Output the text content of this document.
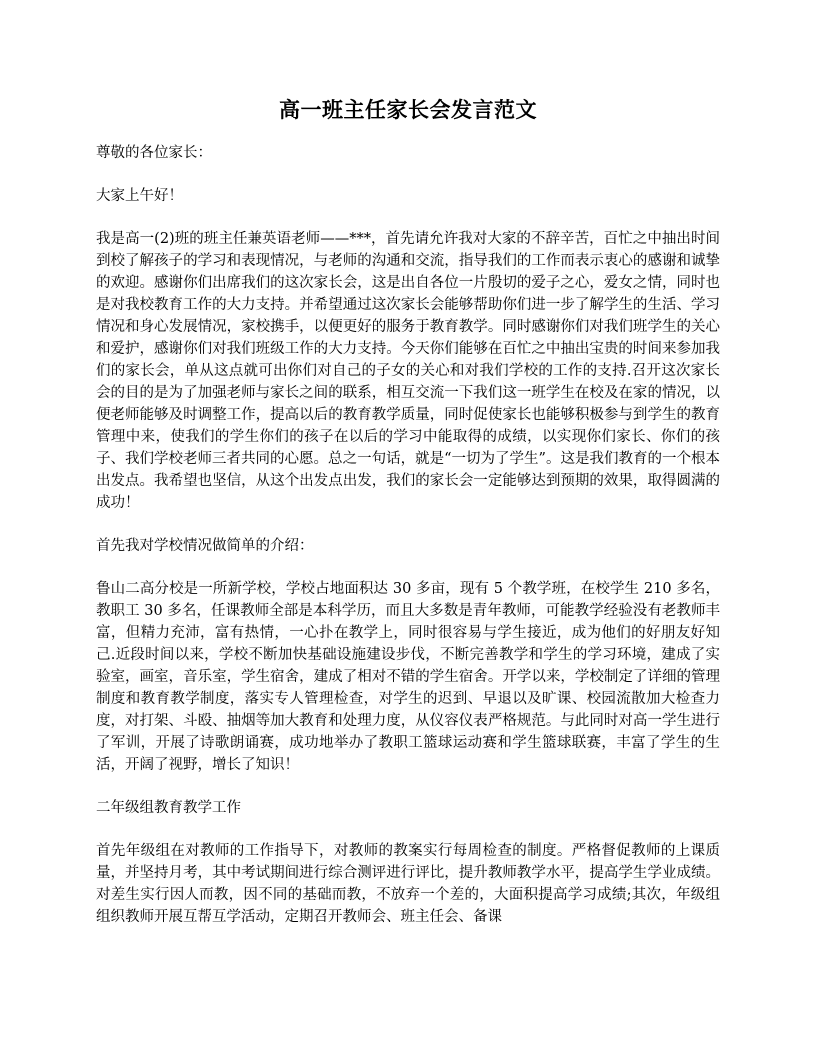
高一班主任家长会发言范文

尊敬的各位家长：

大家上午好！

我是高一(2)班的班主任兼英语老师——***，首先请允许我对大家的不辞辛苦，百忙之中抽出时间到校了解孩子的学习和表现情况，与老师的沟通和交流，指导我们的工作而表示衷心的感谢和诚挚的欢迎。感谢你们出席我们的这次家长会，这是出自各位一片殷切的爱子之心，爱女之情，同时也是对我校教育工作的大力支持。并希望通过这次家长会能够帮助你们进一步了解学生的生活、学习情况和身心发展情况，家校携手，以便更好的服务于教育教学。同时感谢你们对我们班学生的关心和爱护，感谢你们对我们班级工作的大力支持。今天你们能够在百忙之中抽出宝贵的时间来参加我们的家长会，单从这点就可出你们对自己的子女的关心和对我们学校的工作的支持.召开这次家长会的目的是为了加强老师与家长之间的联系，相互交流一下我们这一班学生在校及在家的情况，以便老师能够及时调整工作，提高以后的教育教学质量，同时促使家长也能够积极参与到学生的教育管理中来，使我们的学生你们的孩子在以后的学习中能取得的成绩，以实现你们家长、你们的孩子、我们学校老师三者共同的心愿。总之一句话，就是“一切为了学生”。这是我们教育的一个根本出发点。我希望也坚信，从这个出发点出发，我们的家长会一定能够达到预期的效果，取得圆满的成功！

首先我对学校情况做简单的介绍：

鲁山二高分校是一所新学校，学校占地面积达 30 多亩，现有 5 个教学班，在校学生 210 多名，教职工 30 多名，任课教师全部是本科学历，而且大多数是青年教师，可能教学经验没有老教师丰富，但精力充沛，富有热情，一心扑在教学上，同时很容易与学生接近，成为他们的好朋友好知己.近段时间以来，学校不断加快基础设施建设步伐，不断完善教学和学生的学习环境，建成了实验室，画室，音乐室，学生宿舍，建成了相对不错的学生宿舍。开学以来，学校制定了详细的管理制度和教育教学制度，落实专人管理检查，对学生的迟到、早退以及旷课、校园流散加大检查力度，对打架、斗殴、抽烟等加大教育和处理力度，从仪容仪表严格规范。与此同时对高一学生进行了军训，开展了诗歌朗诵赛，成功地举办了教职工篮球运动赛和学生篮球联赛，丰富了学生的生活，开阔了视野，增长了知识！

二年级组教育教学工作

首先年级组在对教师的工作指导下，对教师的教案实行每周检查的制度。严格督促教师的上课质量，并坚持月考，其中考试期间进行综合测评进行评比，提升教师教学水平，提高学生学业成绩。对差生实行因人而教，因不同的基础而教，不放弃一个差的，大面积提高学习成绩;其次，年级组组织教师开展互帮互学活动，定期召开教师会、班主任会、备课
